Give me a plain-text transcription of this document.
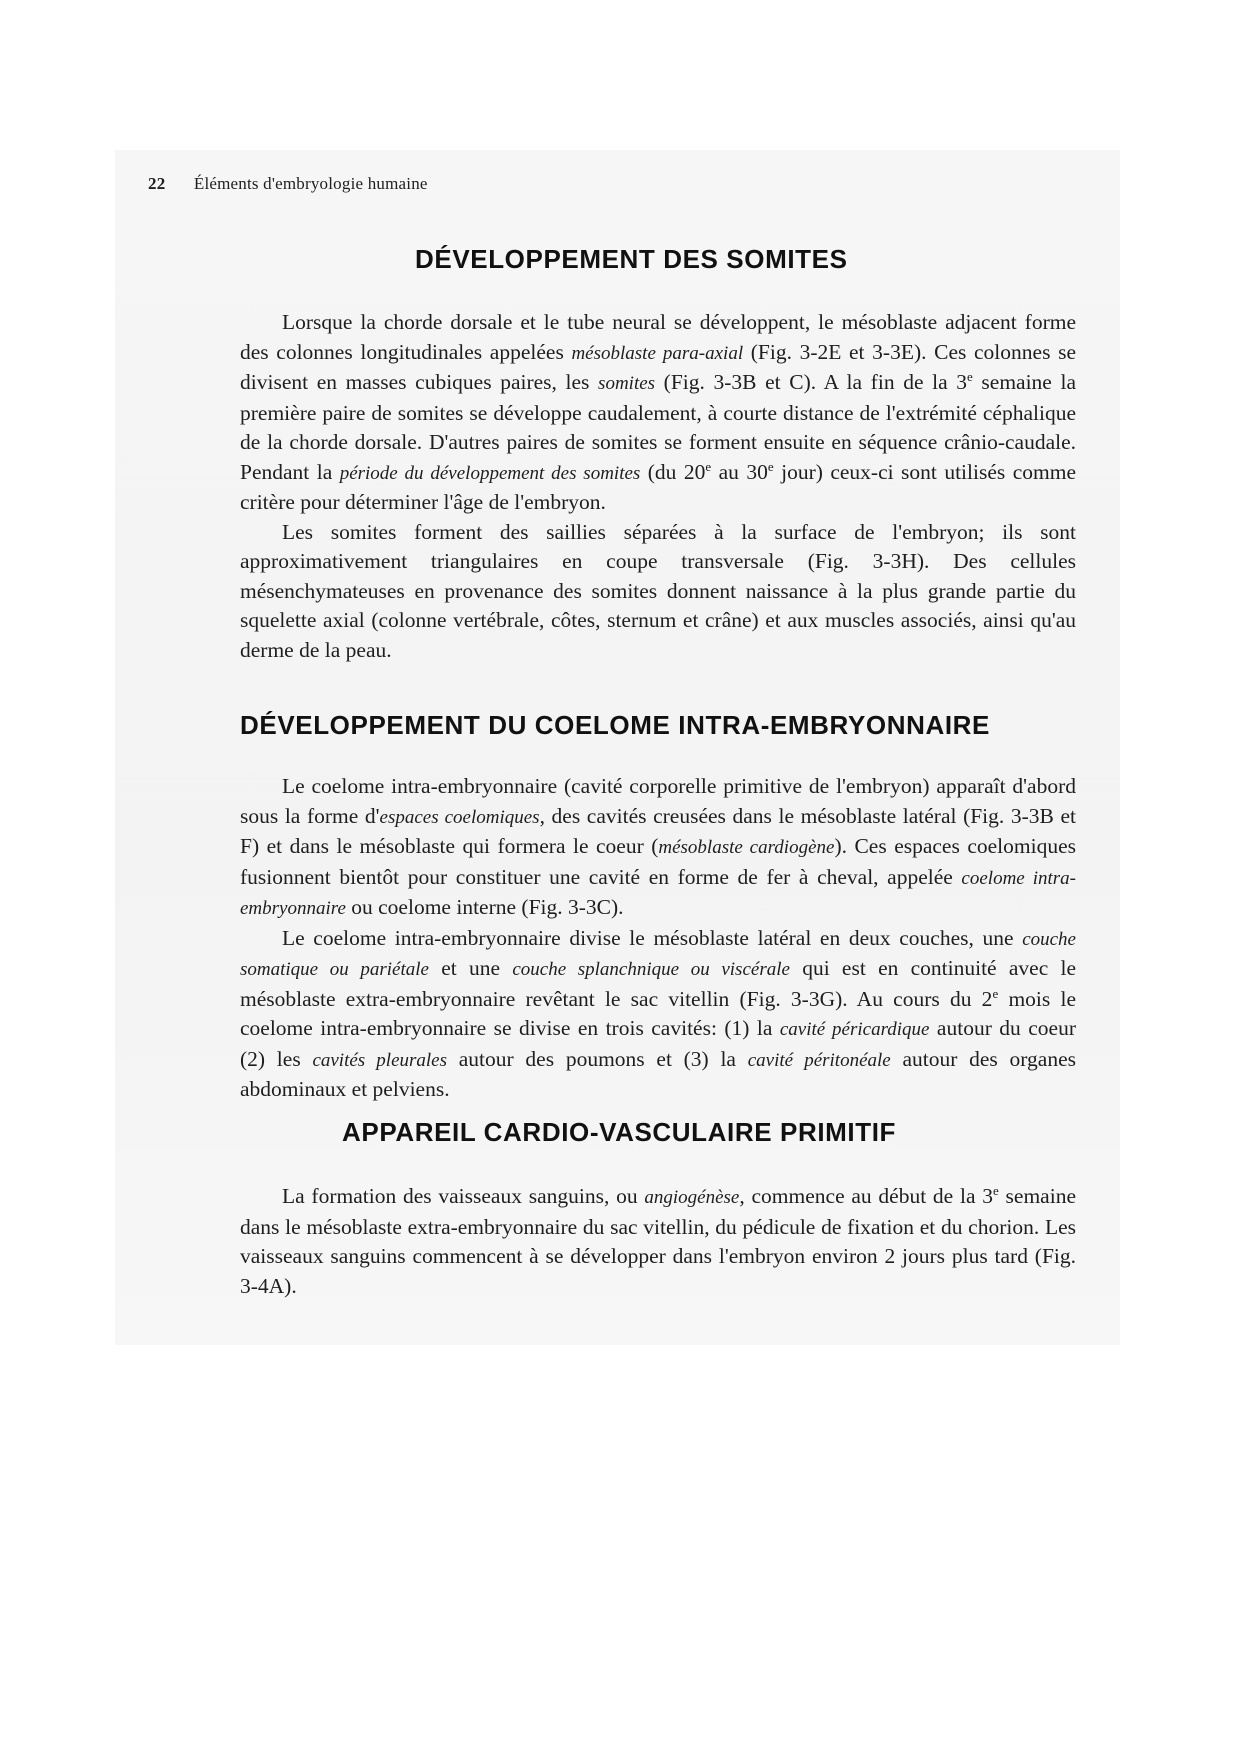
22 Éléments d'embryologie humaine
DÉVELOPPEMENT DES SOMITES

Lorsque la chorde dorsale et le tube neural se développent, le mésoblaste adjacent forme des colonnes longitudinales appelées mésoblaste para-axial (Fig. 3-2E et 3-3E). Ces colonnes se divisent en masses cubiques paires, les somites (Fig. 3-3B et C). A la fin de la 3e semaine la première paire de somites se développe caudalement, à courte distance de l'extrémité céphalique de la chorde dorsale. D'autres paires de somites se forment ensuite en séquence crânio-caudale. Pendant la période du développement des somites (du 20e au 30e jour) ceux-ci sont utilisés comme critère pour déterminer l'âge de l'embryon.

Les somites forment des saillies séparées à la surface de l'embryon; ils sont approximativement triangulaires en coupe transversale (Fig. 3-3H). Des cellules mésenchymateuses en provenance des somites donnent naissance à la plus grande partie du squelette axial (colonne vertébrale, côtes, sternum et crâne) et aux muscles associés, ainsi qu'au derme de la peau.

DÉVELOPPEMENT DU COELOME INTRA-EMBRYONNAIRE

Le coelome intra-embryonnaire (cavité corporelle primitive de l'embryon) apparaît d'abord sous la forme d'espaces coelomiques, des cavités creusées dans le mésoblaste latéral (Fig. 3-3B et F) et dans le mésoblaste qui formera le coeur (mésoblaste cardiogène). Ces espaces coelomiques fusionnent bientôt pour constituer une cavité en forme de fer à cheval, appelée coelome intra-embryonnaire ou coelome interne (Fig. 3-3C).

Le coelome intra-embryonnaire divise le mésoblaste latéral en deux couches, une couche somatique ou pariétale et une couche splanchnique ou viscérale qui est en continuité avec le mésoblaste extra-embryonnaire revêtant le sac vitellin (Fig. 3-3G). Au cours du 2e mois le coelome intra-embryonnaire se divise en trois cavités: (1) la cavité péricardique autour du coeur (2) les cavités pleurales autour des poumons et (3) la cavité péritonéale autour des organes abdominaux et pelviens.

APPAREIL CARDIO-VASCULAIRE PRIMITIF

La formation des vaisseaux sanguins, ou angiogénèse, commence au début de la 3e semaine dans le mésoblaste extra-embryonnaire du sac vitellin, du pédicule de fixation et du chorion. Les vaisseaux sanguins commencent à se développer dans l'embryon environ 2 jours plus tard (Fig. 3-4A).
